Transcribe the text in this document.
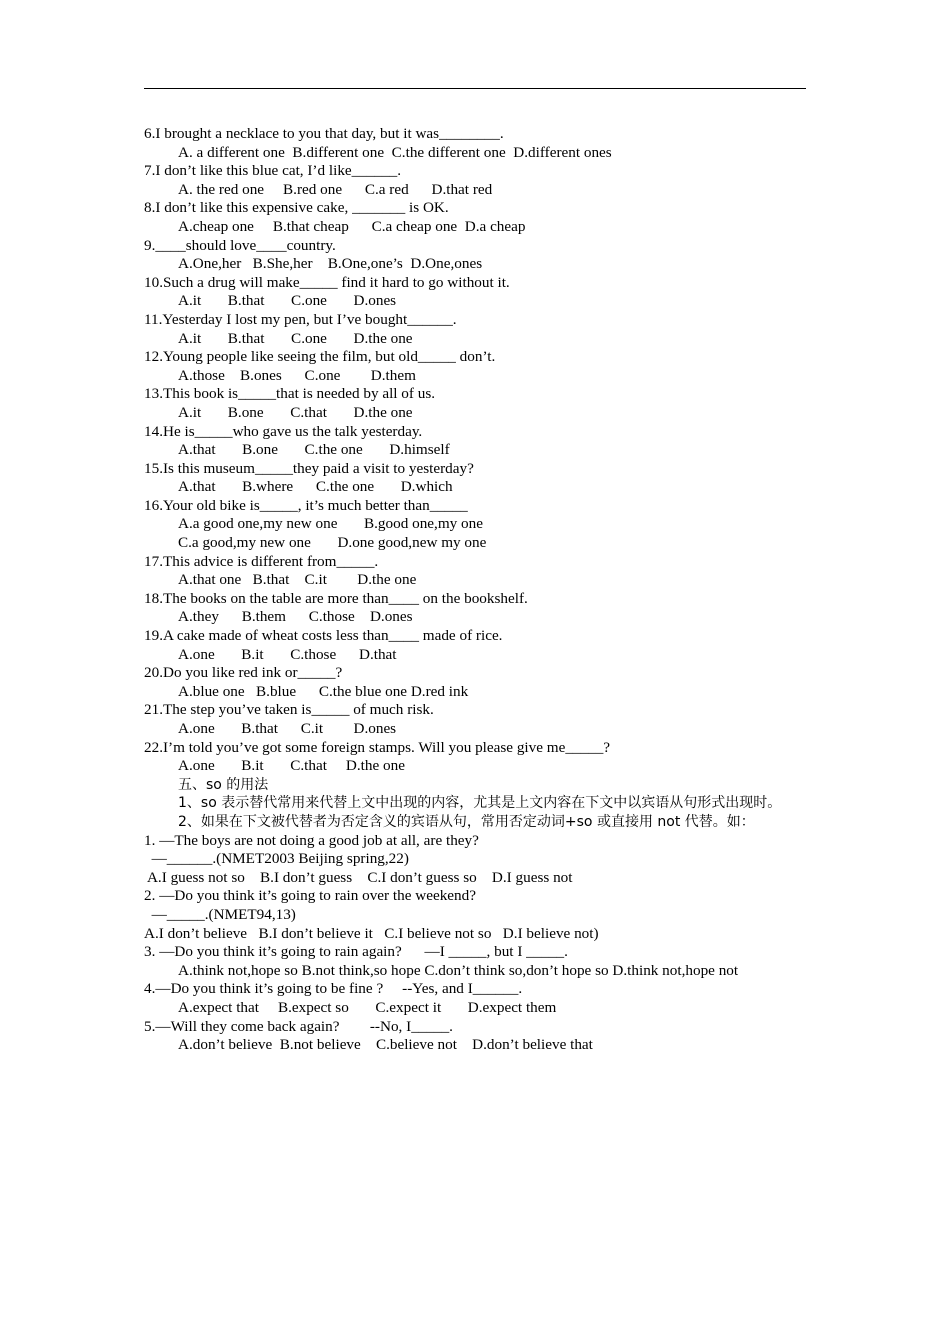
6.I brought a necklace to you that day, but it was________.
A. a different one  B.different one  C.the different one  D.different ones
7.I don’t like this blue cat, I’d like______.
A. the red one     B.red one      C.a red      D.that red
8.I don’t like this expensive cake, _______ is OK.
A.cheap one     B.that cheap      C.a cheap one  D.a cheap
9.____should love____country.
A.One,her   B.She,her    B.One,one’s  D.One,ones
10.Such a drug will make_____ find it hard to go without it.
A.it       B.that       C.one       D.ones
11.Yesterday I lost my pen, but I’ve bought______.
A.it       B.that       C.one       D.the one
12.Young people like seeing the film, but old_____ don’t.
A.those    B.ones      C.one        D.them
13.This book is_____that is needed by all of us.
A.it       B.one       C.that       D.the one
14.He is_____who gave us the talk yesterday.
A.that       B.one       C.the one       D.himself
15.Is this museum_____they paid a visit to yesterday?
A.that       B.where      C.the one       D.which
16.Your old bike is_____, it’s much better than_____
A.a good one,my new one       B.good one,my one
C.a good,my new one       D.one good,new my one
17.This advice is different from_____.
A.that one   B.that    C.it        D.the one
18.The books on the table are more than____ on the bookshelf.
A.they      B.them      C.those    D.ones
19.A cake made of wheat costs less than____ made of rice.
A.one       B.it       C.those      D.that
20.Do you like red ink or_____?
A.blue one   B.blue      C.the blue one D.red ink
21.The step you’ve taken is_____ of much risk.
A.one       B.that      C.it        D.ones
22.I’m told you’ve got some foreign stamps. Will you please give me_____?
A.one       B.it       C.that     D.the one
五、so 的用法
1、so 表示替代常用来代替上文中出现的内容，尤其是上文内容在下文中以宾语从句形式出现时。
2、如果在下文被代替者为否定含义的宾语从句，常用否定动词+so 或直接用 not 代替。如：
1. —The boys are not doing a good job at all, are they?
—______.(NMET2003 Beijing spring,22)
A.I guess not so    B.I don’t guess    C.I don’t guess so    D.I guess not
2. —Do you think it’s going to rain over the weekend?
—_____.(NMET94,13)
A.I don’t believe   B.I don’t believe it   C.I believe not so   D.I believe not)
3. —Do you think it’s going to rain again?      —I _____, but I _____.
A.think not,hope so B.not think,so hope C.don’t think so,don’t hope so D.think not,hope not
4.—Do you think it’s going to be fine ?     --Yes, and I______.
A.expect that     B.expect so       C.expect it       D.expect them
5.—Will they come back again?        --No, I_____.
A.don’t believe  B.not believe    C.believe not    D.don’t believe that
